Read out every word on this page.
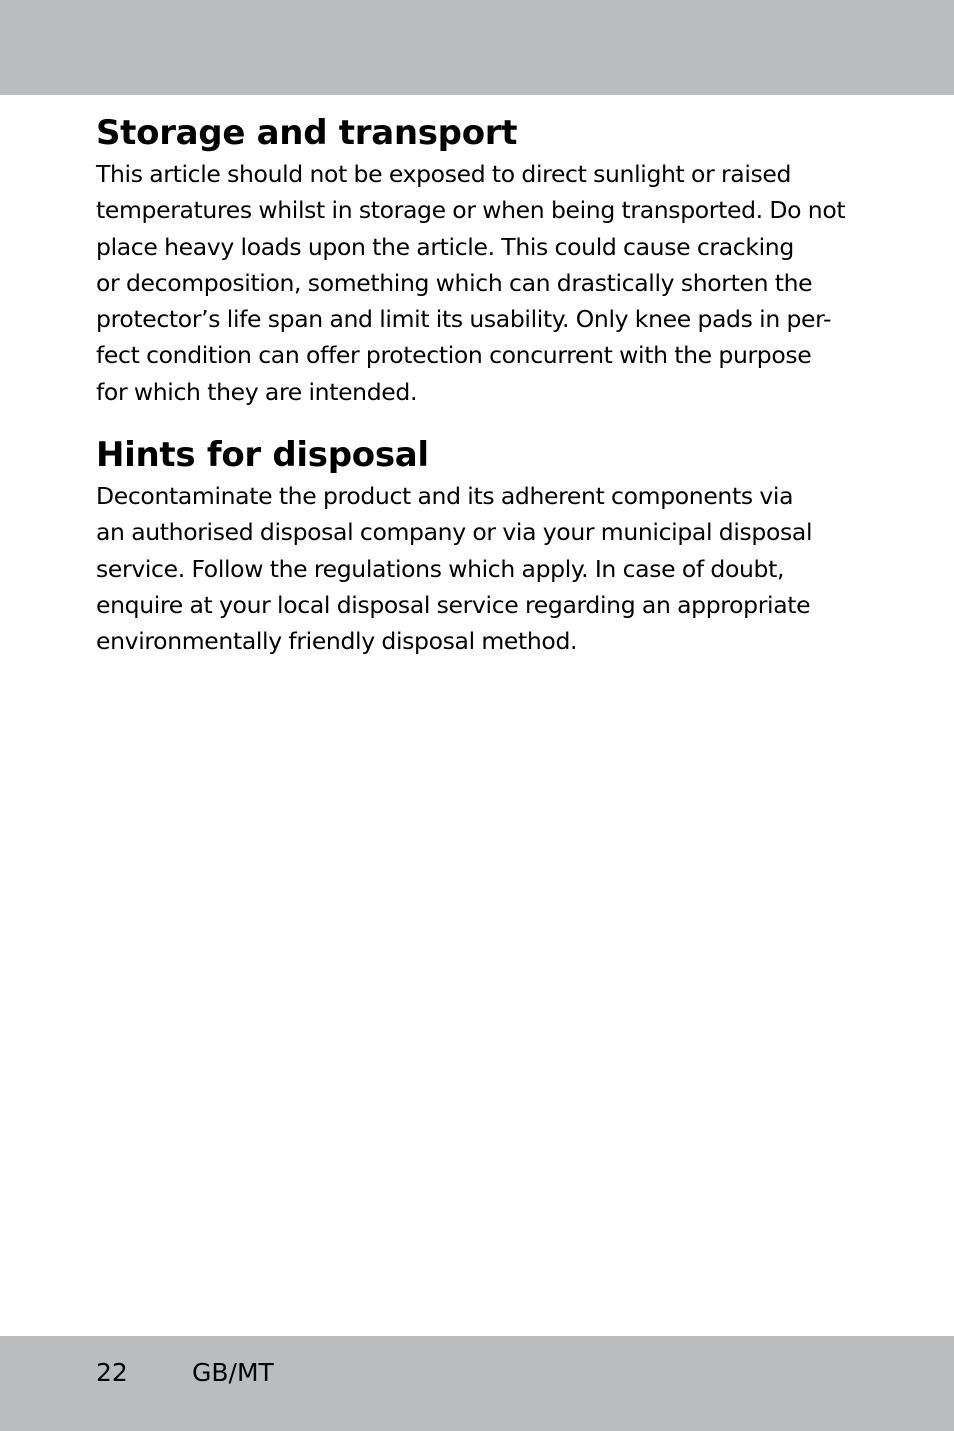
Storage and transport
This article should not be exposed to direct sunlight or raised
temperatures whilst in storage or when being transported. Do not
place heavy loads upon the article. This could cause cracking
or decomposition, something which can drastically shorten the
protector’s life span and limit its usability. Only knee pads in per-
fect condition can offer protection concurrent with the purpose
for which they are intended.
Hints for disposal
Decontaminate the product and its adherent components via
an authorised disposal company or via your municipal disposal
service. Follow the regulations which apply. In case of doubt,
enquire at your local disposal service regarding an appropriate
environmentally friendly disposal method.
22	GB/MT
